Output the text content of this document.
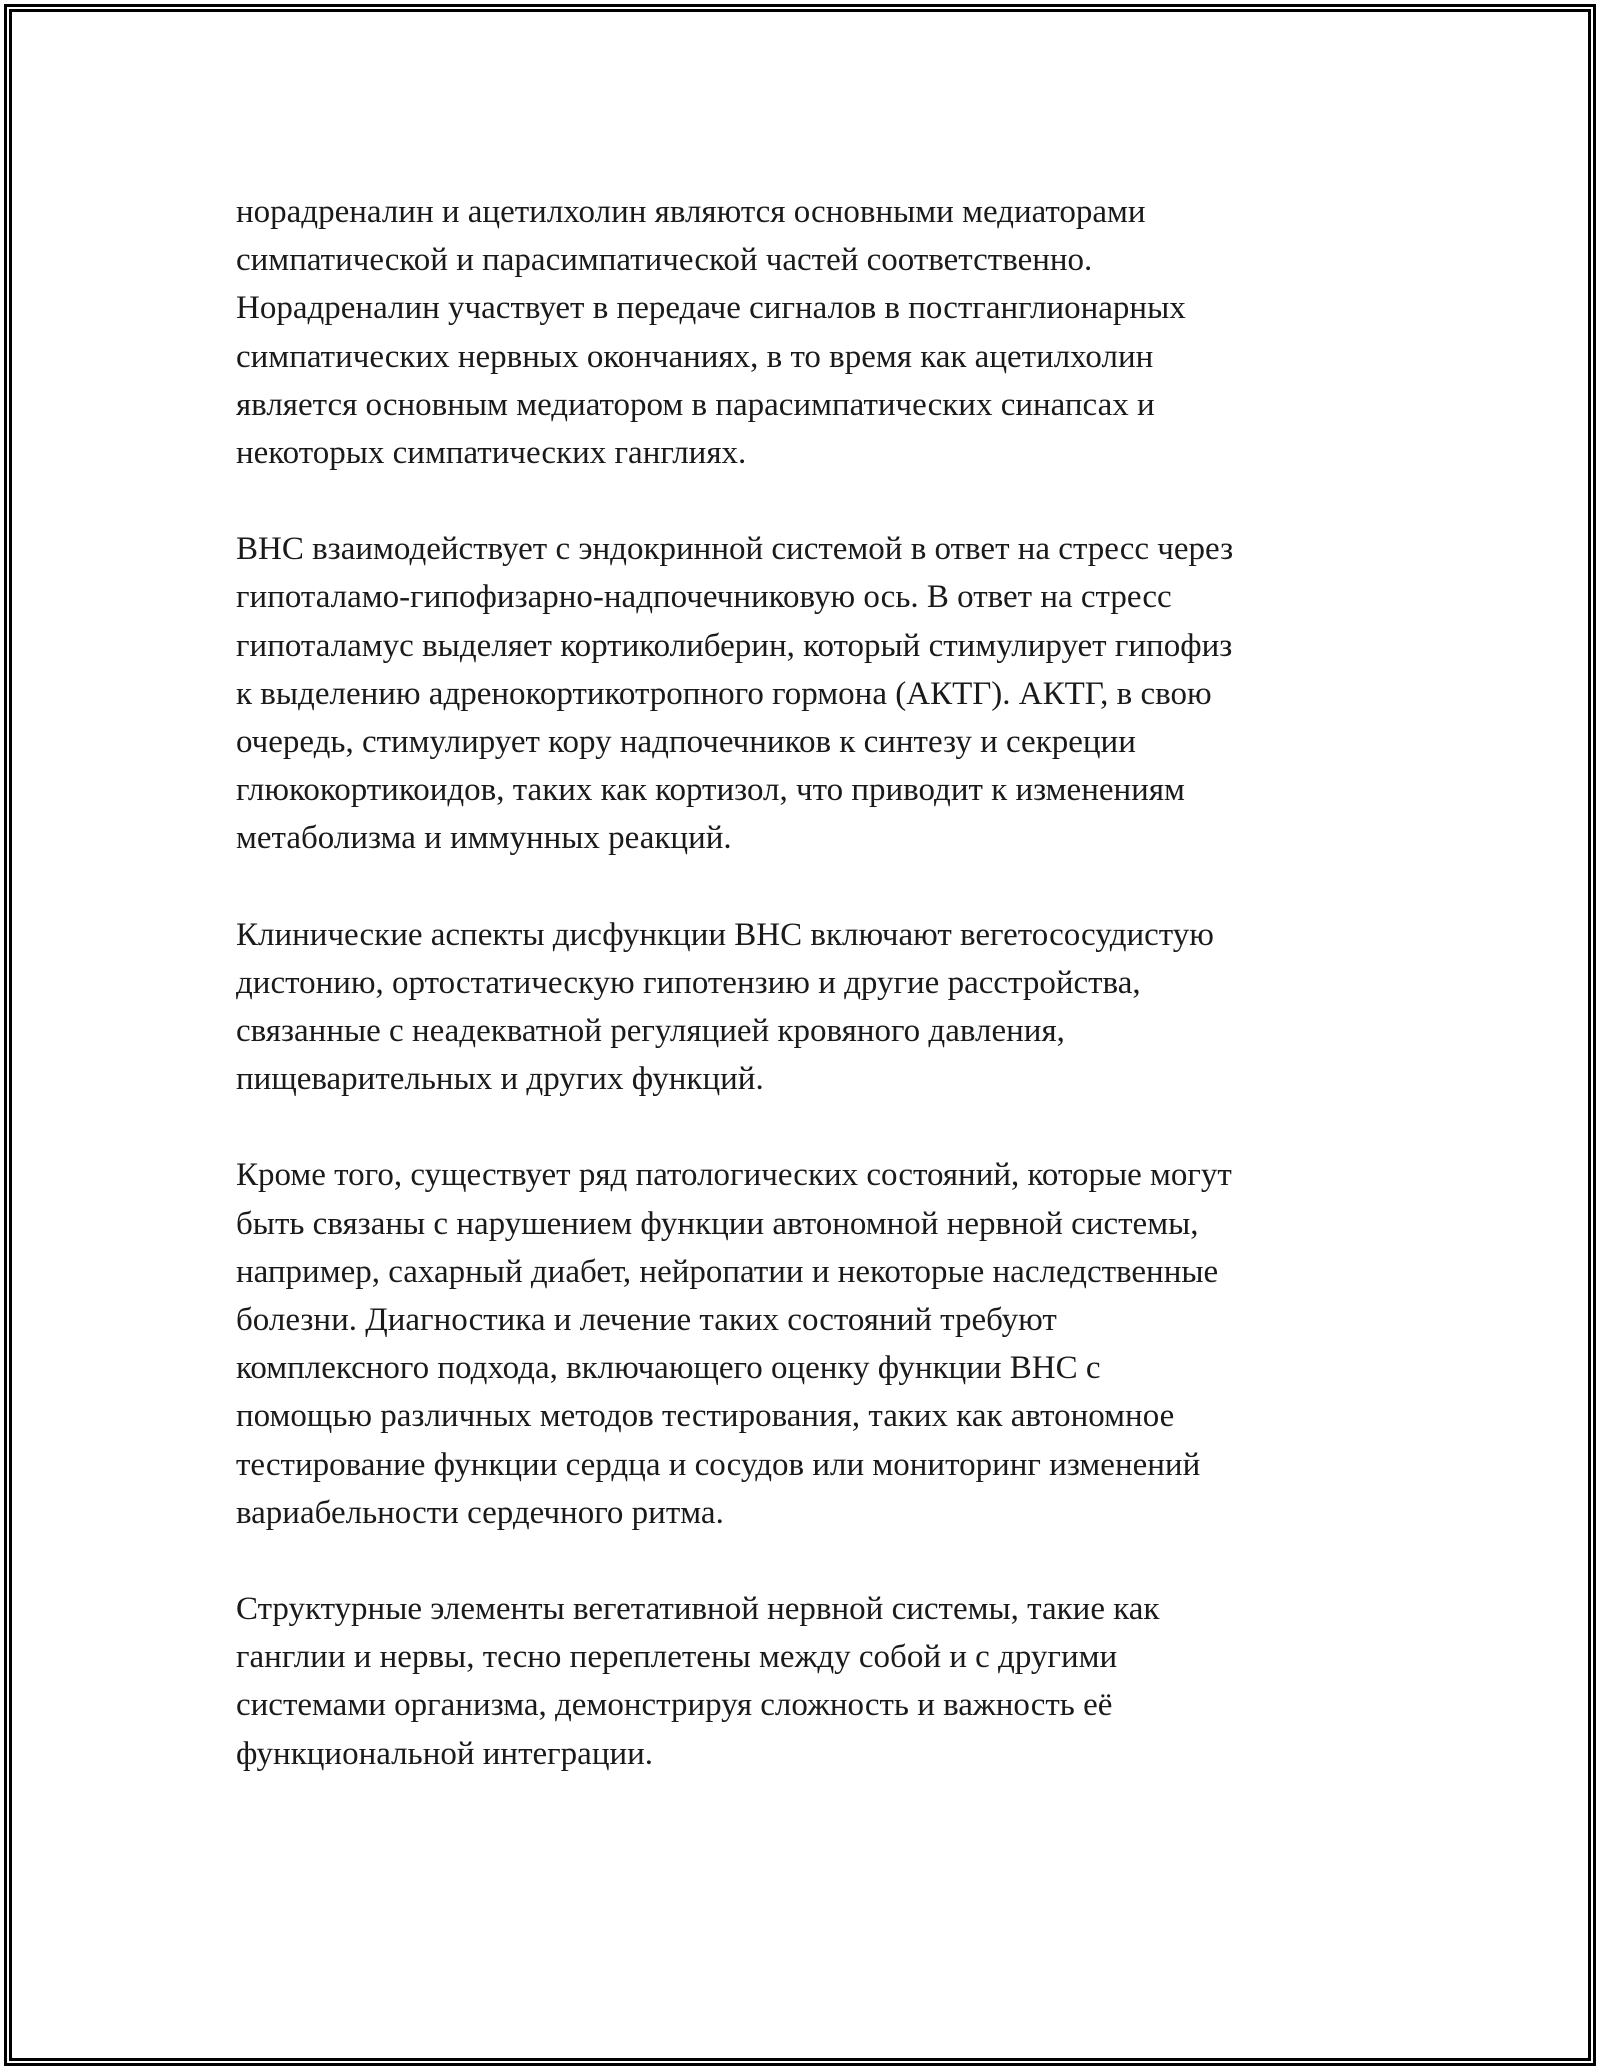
норадреналин и ацетилхолин являются основными медиаторами
симпатической и парасимпатической частей соответственно.
Норадреналин участвует в передаче сигналов в постганглионарных
симпатических нервных окончаниях, в то время как ацетилхолин
является основным медиатором в парасимпатических синапсах и
некоторых симпатических ганглиях.

ВНС взаимодействует с эндокринной системой в ответ на стресс через
гипоталамо-гипофизарно-надпочечниковую ось. В ответ на стресс
гипоталамус выделяет кортиколиберин, который стимулирует гипофиз
к выделению адренокортикотропного гормона (АКТГ). АКТГ, в свою
очередь, стимулирует кору надпочечников к синтезу и секреции
глюкокортикоидов, таких как кортизол, что приводит к изменениям
метаболизма и иммунных реакций.

Клинические аспекты дисфункции ВНС включают вегетососудистую
дистонию, ортостатическую гипотензию и другие расстройства,
связанные с неадекватной регуляцией кровяного давления,
пищеварительных и других функций.

Кроме того, существует ряд патологических состояний, которые могут
быть связаны с нарушением функции автономной нервной системы,
например, сахарный диабет, нейропатии и некоторые наследственные
болезни. Диагностика и лечение таких состояний требуют
комплексного подхода, включающего оценку функции ВНС с
помощью различных методов тестирования, таких как автономное
тестирование функции сердца и сосудов или мониторинг изменений
вариабельности сердечного ритма.

Структурные элементы вегетативной нервной системы, такие как
ганглии и нервы, тесно переплетены между собой и с другими
системами организма, демонстрируя сложность и важность её
функциональной интеграции.
